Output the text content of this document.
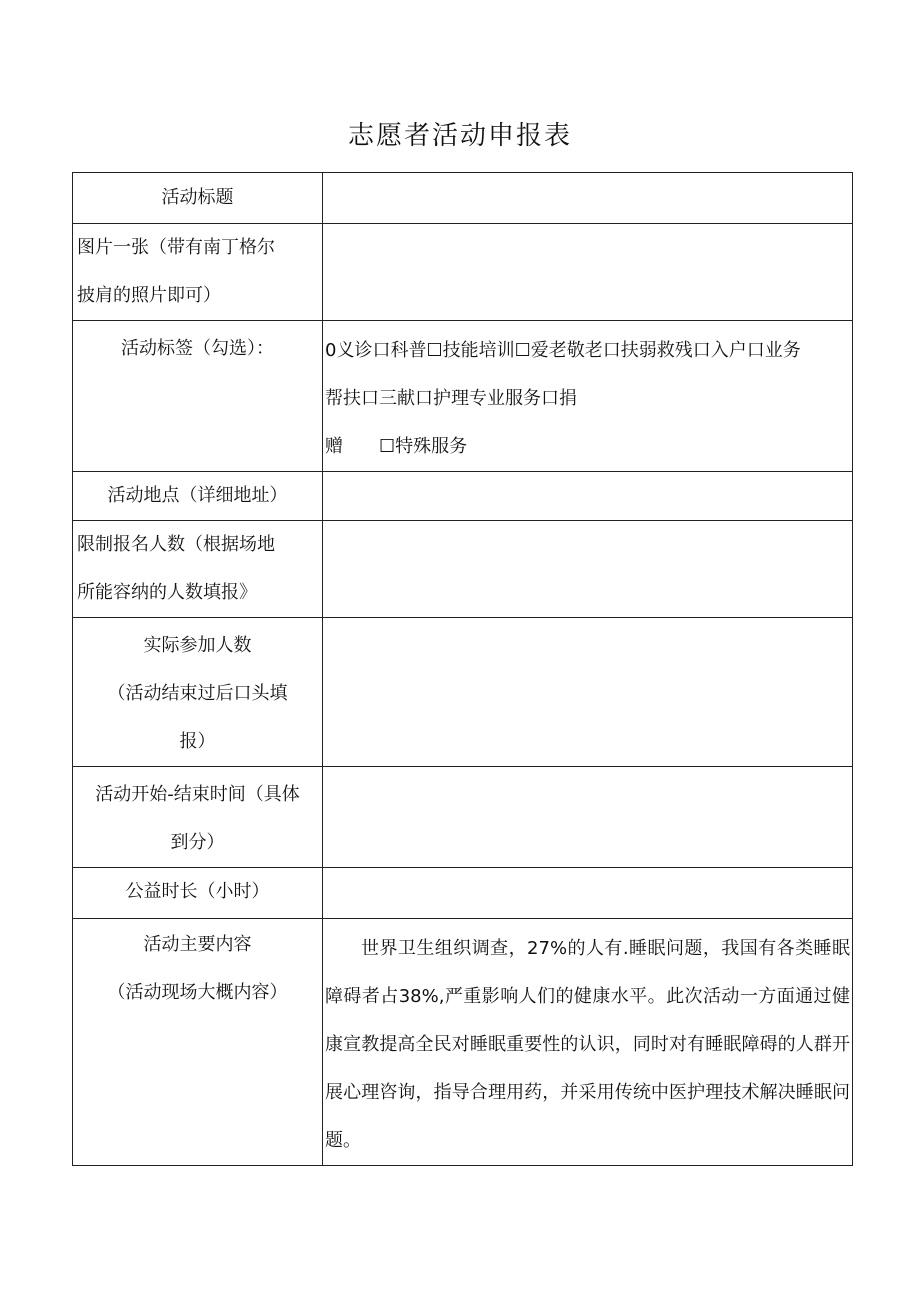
志愿者活动申报表
活动标题	

图片一张（带有南丁格尔
披肩的照片即可）	

活动标签（勾选）：	0义诊口科普☐技能培训☐爱老敬老口扶弱救残口入户口业务
帮扶口三献口护理专业服务口捐
赠　　☐特殊服务

活动地点（详细地址）	

限制报名人数（根据场地
所能容纳的人数填报》	

实际参加人数
（活动结束过后口头填
报）	

活动开始-结束时间（具体
到分）	

公益时长（小时）	

活动主要内容
（活动现场大概内容）	世界卫生组织调查，27%的人有.睡眠问题，我国有各类睡眠障碍者占38%,严重影响人们的健康水平。此次活动一方面通过健康宣教提高全民对睡眠重要性的认识，同时对有睡眠障碍的人群开展心理咨询，指导合理用药，并采用传统中医护理技术解决睡眠问题。
